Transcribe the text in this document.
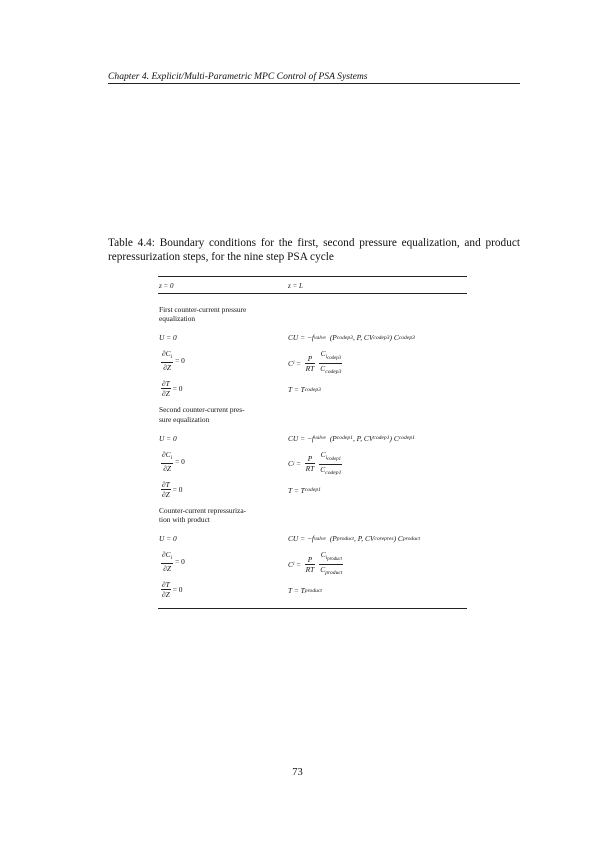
Chapter 4. Explicit/Multi-Parametric MPC Control of PSA Systems
Table 4.4: Boundary conditions for the first, second pressure equalization, and product repressurization steps, for the nine step PSA cycle
z = 0	z = L
First counter-current pressure
equalization
U = 0	CU = −f valve (P codep3 , P, CV codep3 ) C codep3
$\frac{\partial C_i}{\partial Z} = 0$	C $i = \frac{P}{RT} \frac{C_{i_{codep3}}}{C_{codep3}}$
$\frac{\partial T}{\partial Z} = 0$	T = T codep3
Second counter-current pres-
sure equalization
U = 0	CU = −f valve (P codep1 , P, CV codep1 ) C codep1
$\frac{\partial C_i}{\partial Z} = 0$	C $i = \frac{P}{RT} \frac{C_{i_{codep1}}}{C_{codep1}}$
$\frac{\partial T}{\partial Z} = 0$	T = T codep1
Counter-current repressuriza-
tion with product
U = 0	CU = −f valve (P product , P, CV corepres ) C product
$\frac{\partial C_i}{\partial Z} = 0$	C $i = \frac{P}{RT} \frac{C_{i_{product}}}{C_{product}}$
$\frac{\partial T}{\partial Z} = 0$	T = T product
73
